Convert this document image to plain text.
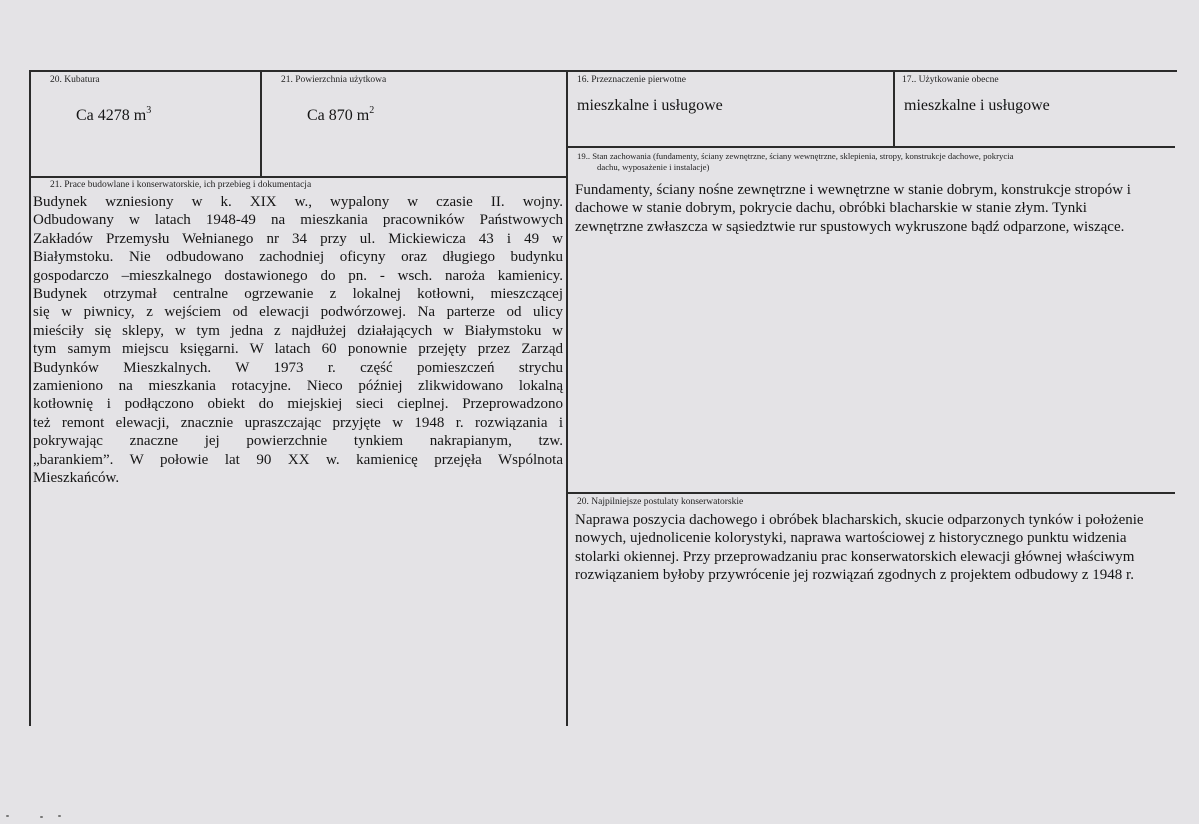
20. Kubatura
Ca 4278 $m^3$
21. Powierzchnia użytkowa
Ca 870 $m^2$
16. Przeznaczenie pierwotne
mieszkalne i usługowe
17.. Użytkowanie obecne
mieszkalne i usługowe
19.. Stan zachowania (fundamenty, ściany zewnętrzne, ściany wewnętrzne, sklepienia, stropy, konstrukcje dachowe, pokrycia
dachu, wyposażenie i instalacje)
Fundamenty, ściany nośne zewnętrzne i wewnętrzne w stanie dobrym, konstrukcje stropów i dachowe w stanie dobrym, pokrycie dachu, obróbki blacharskie w stanie złym. Tynki zewnętrzne zwłaszcza w sąsiedztwie rur spustowych wykruszone bądź odparzone, wiszące.
21. Prace budowlane i konserwatorskie, ich przebieg i dokumentacja
Budynek wzniesiony w k. XIX w., wypalony w czasie II. wojny.
Odbudowany w latach 1948-49 na mieszkania pracowników Państwowych
Zakładów Przemysłu Wełnianego nr 34 przy ul. Mickiewicza 43 i 49 w
Białymstoku. Nie odbudowano zachodniej oficyny oraz długiego budynku
gospodarczo –mieszkalnego dostawionego do pn. - wsch. naroża kamienicy.
Budynek otrzymał centralne ogrzewanie z lokalnej kotłowni, mieszczącej
się w piwnicy, z wejściem od elewacji podwórzowej. Na parterze od ulicy
mieściły się sklepy, w tym jedna z najdłużej działających w Białymstoku w
tym samym miejscu księgarni. W latach 60 ponownie przejęty przez Zarząd
Budynków Mieszkalnych. W 1973 r. część pomieszczeń strychu
zamieniono na mieszkania rotacyjne. Nieco później zlikwidowano lokalną
kotłownię i podłączono obiekt do miejskiej sieci cieplnej. Przeprowadzono
też remont elewacji, znacznie upraszczając przyjęte w 1948 r. rozwiązania i
pokrywając znaczne jej powierzchnie tynkiem nakrapianym, tzw.
„barankiem”. W połowie lat 90 XX w. kamienicę przejęła Wspólnota
Mieszkańców.
20. Najpilniejsze postulaty konserwatorskie
Naprawa poszycia dachowego i obróbek blacharskich, skucie odparzonych tynków i położenie nowych, ujednolicenie kolorystyki, naprawa wartościowej z historycznego punktu widzenia stolarki okiennej. Przy przeprowadzaniu prac konserwatorskich elewacji głównej właściwym rozwiązaniem byłoby przywrócenie jej rozwiązań zgodnych z projektem odbudowy z 1948 r.
